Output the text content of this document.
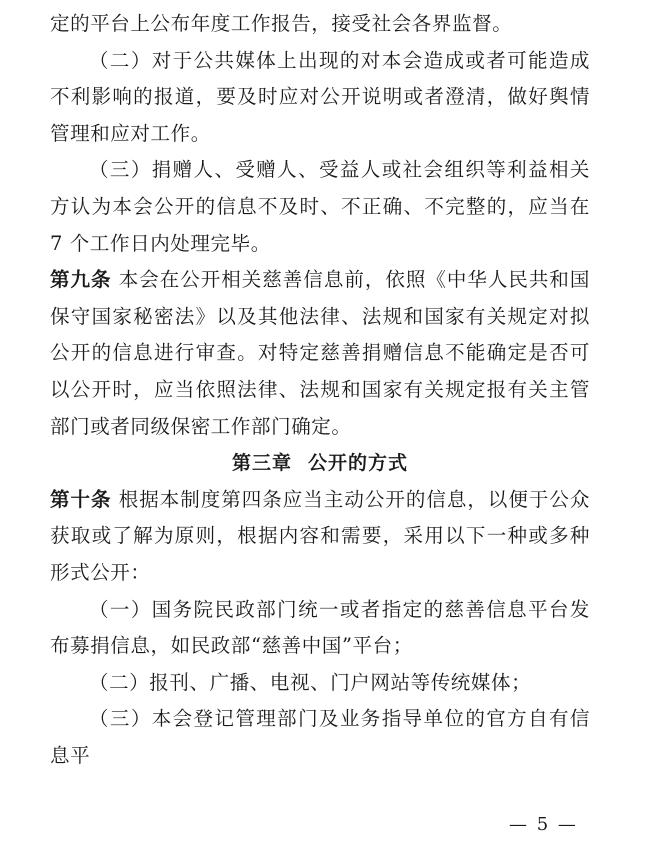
定的平台上公布年度工作报告，接受社会各界监督。

（二）对于公共媒体上出现的对本会造成或者可能造成不利影响的报道，要及时应对公开说明或者澄清，做好舆情管理和应对工作。

（三）捐赠人、受赠人、受益人或社会组织等利益相关方认为本会公开的信息不及时、不正确、不完整的，应当在 7 个工作日内处理完毕。

第九条 本会在公开相关慈善信息前，依照《中华人民共和国保守国家秘密法》以及其他法律、法规和国家有关规定对拟公开的信息进行审查。对特定慈善捐赠信息不能确定是否可以公开时，应当依照法律、法规和国家有关规定报有关主管部门或者同级保密工作部门确定。

第三章 公开的方式

第十条 根据本制度第四条应当主动公开的信息，以便于公众获取或了解为原则，根据内容和需要，采用以下一种或多种形式公开：

（一）国务院民政部门统一或者指定的慈善信息平台发布募捐信息，如民政部“慈善中国”平台；

（二）报刊、广播、电视、门户网站等传统媒体；

（三）本会登记管理部门及业务指导单位的官方自有信息平

— 5 —
